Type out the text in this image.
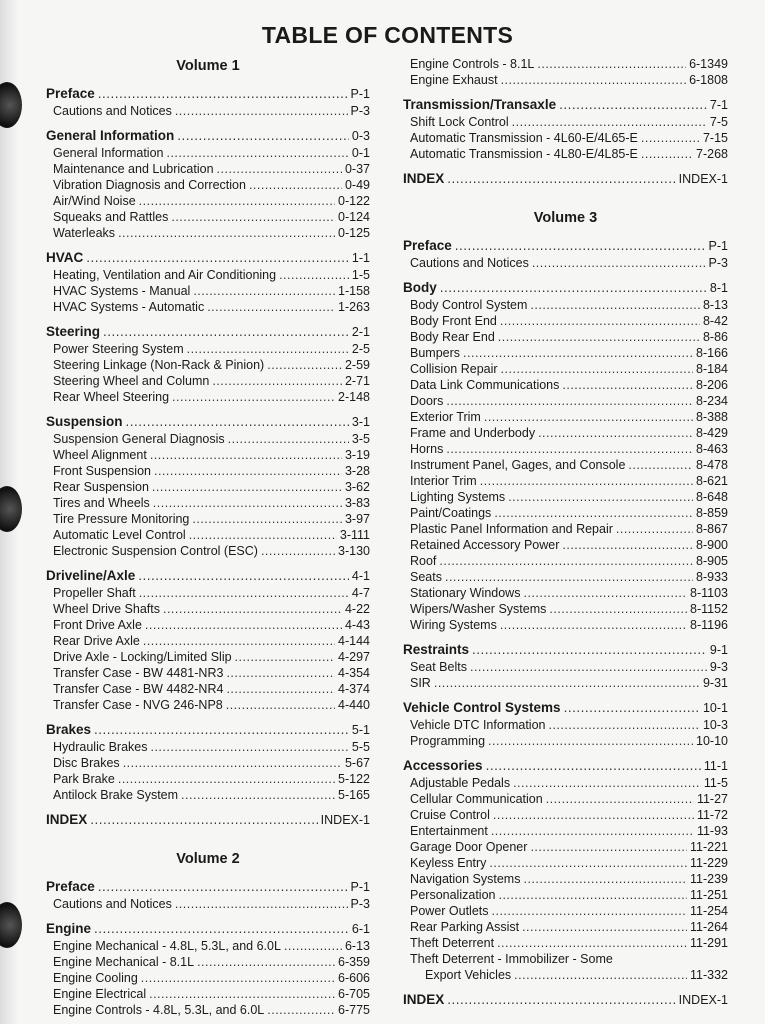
TABLE OF CONTENTS
Volume 1
Preface .....	P-1
Cautions and Notices .....	P-3
General Information .....	0-3
General Information .....	0-1
Maintenance and Lubrication .....	0-37
Vibration Diagnosis and Correction .....	0-49
Air/Wind Noise .....	0-122
Squeaks and Rattles .....	0-124
Waterleaks .....	0-125
HVAC .....	1-1
Heating, Ventilation and Air Conditioning .....	1-5
HVAC Systems - Manual .....	1-158
HVAC Systems - Automatic .....	1-263
Steering .....	2-1
Power Steering System .....	2-5
Steering Linkage (Non-Rack & Pinion) .....	2-59
Steering Wheel and Column .....	2-71
Rear Wheel Steering .....	2-148
Suspension .....	3-1
Suspension General Diagnosis .....	3-5
Wheel Alignment .....	3-19
Front Suspension .....	3-28
Rear Suspension .....	3-62
Tires and Wheels .....	3-83
Tire Pressure Monitoring .....	3-97
Automatic Level Control .....	3-111
Electronic Suspension Control (ESC) .....	3-130
Driveline/Axle .....	4-1
Propeller Shaft .....	4-7
Wheel Drive Shafts .....	4-22
Front Drive Axle .....	4-43
Rear Drive Axle .....	4-144
Drive Axle - Locking/Limited Slip .....	4-297
Transfer Case - BW 4481-NR3 .....	4-354
Transfer Case - BW 4482-NR4 .....	4-374
Transfer Case - NVG 246-NP8 .....	4-440
Brakes .....	5-1
Hydraulic Brakes .....	5-5
Disc Brakes .....	5-67
Park Brake .....	5-122
Antilock Brake System .....	5-165
INDEX .....	INDEX-1
Volume 2
Preface .....	P-1
Cautions and Notices .....	P-3
Engine .....	6-1
Engine Mechanical - 4.8L, 5.3L, and 6.0L .....	6-13
Engine Mechanical - 8.1L .....	6-359
Engine Cooling .....	6-606
Engine Electrical .....	6-705
Engine Controls - 4.8L, 5.3L, and 6.0L .....	6-775
Engine Controls - 8.1L .....	6-1349
Engine Exhaust .....	6-1808
Transmission/Transaxle .....	7-1
Shift Lock Control .....	7-5
Automatic Transmission - 4L60-E/4L65-E .....	7-15
Automatic Transmission - 4L80-E/4L85-E .....	7-268
INDEX .....	INDEX-1
Volume 3
Preface .....	P-1
Cautions and Notices .....	P-3
Body .....	8-1
Body Control System .....	8-13
Body Front End .....	8-42
Body Rear End .....	8-86
Bumpers .....	8-166
Collision Repair .....	8-184
Data Link Communications .....	8-206
Doors .....	8-234
Exterior Trim .....	8-388
Frame and Underbody .....	8-429
Horns .....	8-463
Instrument Panel, Gages, and Console .....	8-478
Interior Trim .....	8-621
Lighting Systems .....	8-648
Paint/Coatings .....	8-859
Plastic Panel Information and Repair .....	8-867
Retained Accessory Power .....	8-900
Roof .....	8-905
Seats .....	8-933
Stationary Windows .....	8-1103
Wipers/Washer Systems .....	8-1152
Wiring Systems .....	8-1196
Restraints .....	9-1
Seat Belts .....	9-3
SIR .....	9-31
Vehicle Control Systems .....	10-1
Vehicle DTC Information .....	10-3
Programming .....	10-10
Accessories .....	11-1
Adjustable Pedals .....	11-5
Cellular Communication .....	11-27
Cruise Control .....	11-72
Entertainment .....	11-93
Garage Door Opener .....	11-221
Keyless Entry .....	11-229
Navigation Systems .....	11-239
Personalization .....	11-251
Power Outlets .....	11-254
Rear Parking Assist .....	11-264
Theft Deterrent .....	11-291
Theft Deterrent - Immobilizer - Some
Export Vehicles .....	11-332
INDEX .....	INDEX-1
